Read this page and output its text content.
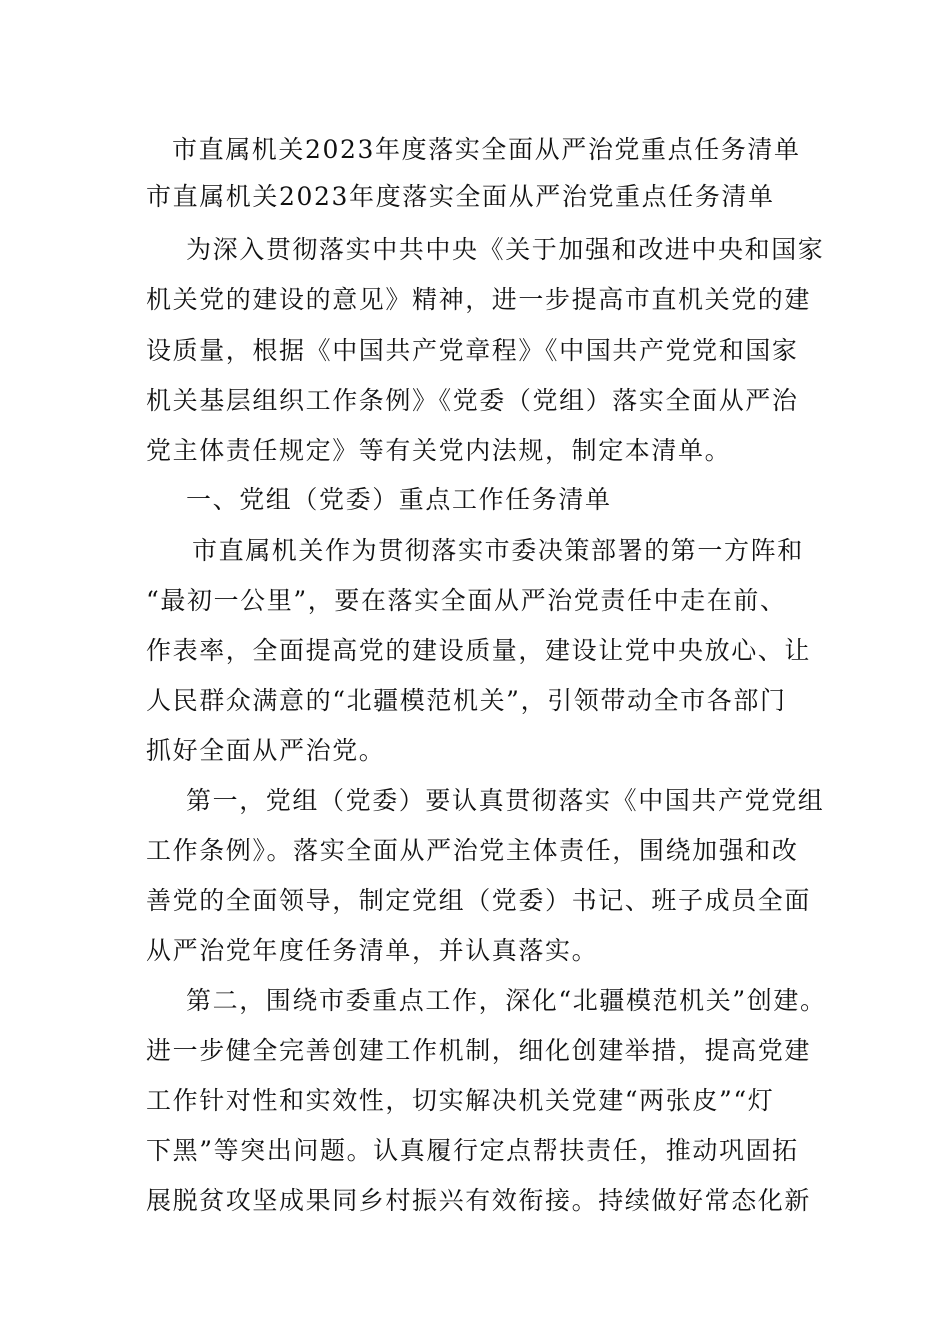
市直属机关2023年度落实全面从严治党重点任务清单

市直属机关2023年度落实全面从严治党重点任务清单

为深入贯彻落实中共中央《关于加强和改进中央和国家

机关党的建设的意见》精神，进一步提高市直机关党的建

设质量，根据《中国共产党章程》《中国共产党党和国家

机关基层组织工作条例》《党委（党组）落实全面从严治

党主体责任规定》等有关党内法规，制定本清单。

一、党组（党委）重点工作任务清单

市直属机关作为贯彻落实市委决策部署的第一方阵和

“最初一公里”，要在落实全面从严治党责任中走在前、

作表率，全面提高党的建设质量，建设让党中央放心、让

人民群众满意的“北疆模范机关”，引领带动全市各部门

抓好全面从严治党。

第一，党组（党委）要认真贯彻落实《中国共产党党组

工作条例》。落实全面从严治党主体责任，围绕加强和改

善党的全面领导，制定党组（党委）书记、班子成员全面

从严治党年度任务清单，并认真落实。

第二，围绕市委重点工作，深化“北疆模范机关”创建。

进一步健全完善创建工作机制，细化创建举措，提高党建

工作针对性和实效性，切实解决机关党建“两张皮”“灯

下黑”等突出问题。认真履行定点帮扶责任，推动巩固拓

展脱贫攻坚成果同乡村振兴有效衔接。持续做好常态化新
